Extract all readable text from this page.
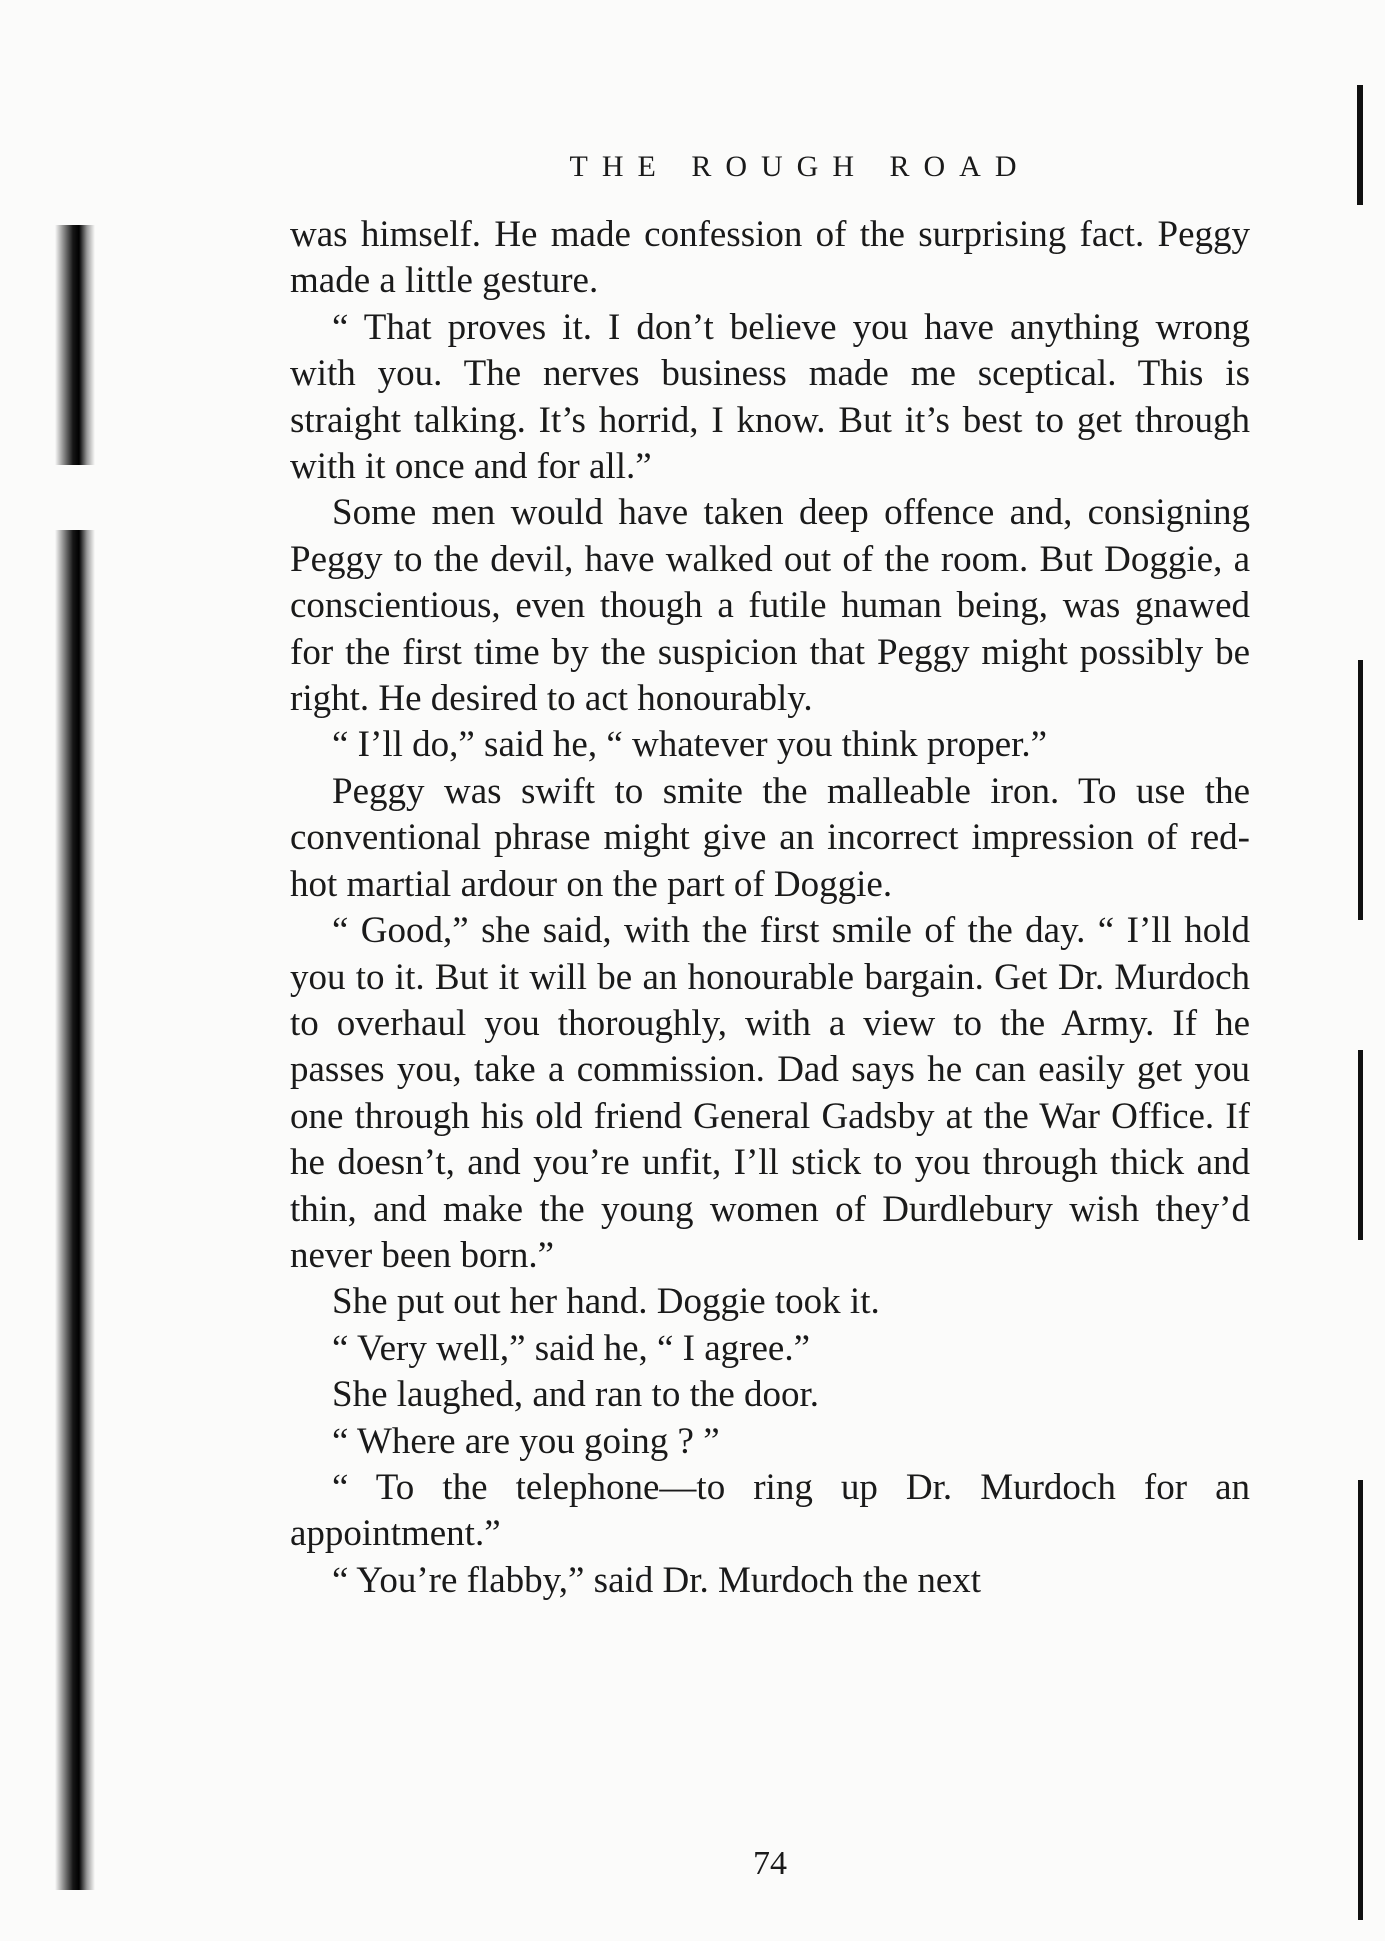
THE ROUGH ROAD

was himself. He made confession of the surprising fact. Peggy made a little gesture.

“ That proves it. I don’t believe you have anything wrong with you. The nerves business made me sceptical. This is straight talking. It’s horrid, I know. But it’s best to get through with it once and for all.”

Some men would have taken deep offence and, consigning Peggy to the devil, have walked out of the room. But Doggie, a conscientious, even though a futile human being, was gnawed for the first time by the suspicion that Peggy might possibly be right. He desired to act honourably.

“ I’ll do,” said he, “ whatever you think proper.”

Peggy was swift to smite the malleable iron. To use the conventional phrase might give an incorrect impression of red-hot martial ardour on the part of Doggie.

“ Good,” she said, with the first smile of the day. “ I’ll hold you to it. But it will be an honourable bargain. Get Dr. Murdoch to overhaul you thoroughly, with a view to the Army. If he passes you, take a commission. Dad says he can easily get you one through his old friend General Gadsby at the War Office. If he doesn’t, and you’re unfit, I’ll stick to you through thick and thin, and make the young women of Durdlebury wish they’d never been born.”

She put out her hand. Doggie took it.

“ Very well,” said he, “ I agree.”

She laughed, and ran to the door.

“ Where are you going ? ”

“ To the telephone—to ring up Dr. Murdoch for an appointment.”

“ You’re flabby,” said Dr. Murdoch the next

74
